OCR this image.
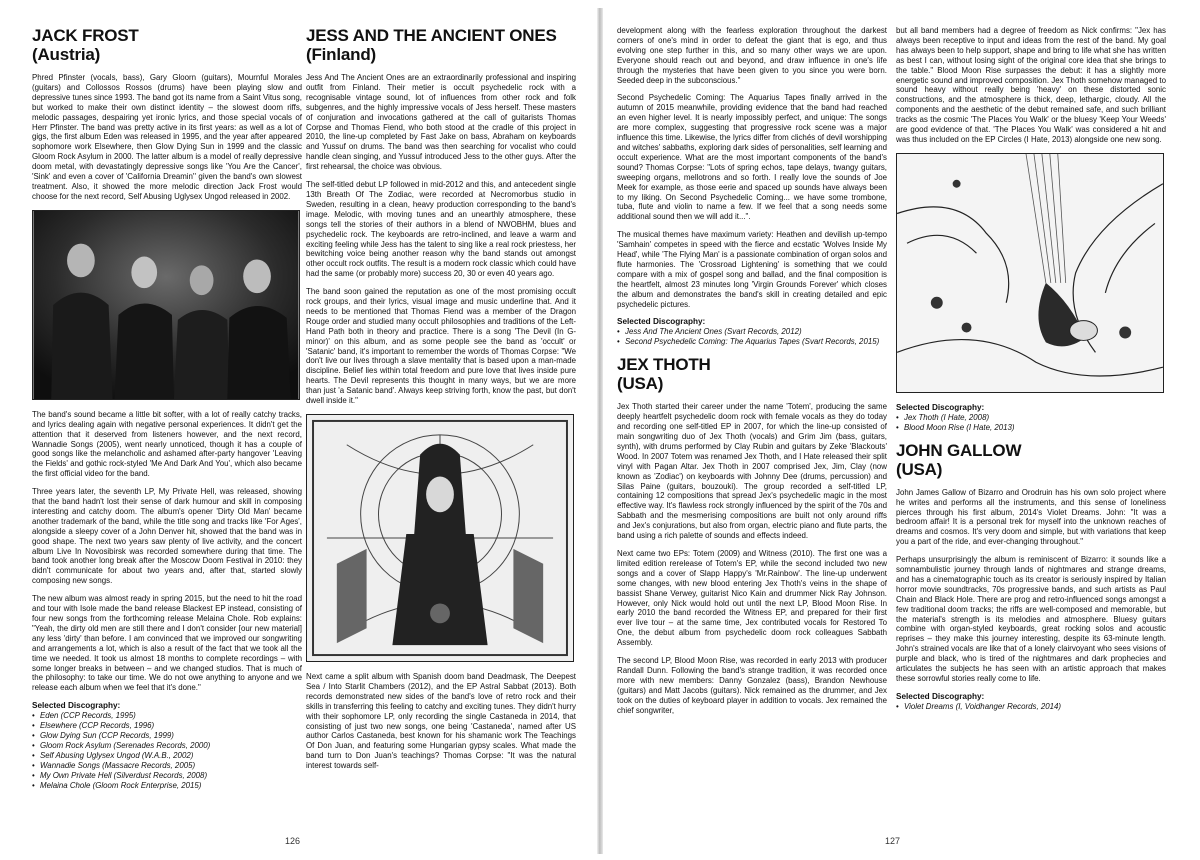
JACK FROST
(Austria)

Phred Pfinster (vocals, bass), Gary Gloorn (guitars), Mournful Morales (guitars) and Collossos Rossos (drums) have been playing slow and depressive tunes since 1993. The band got its name from a Saint Vitus song, but worked to make their own distinct identity – the slowest doom riffs, melodic passages, despairing yet ironic lyrics, and those special vocals of Herr Pfinster. The band was pretty active in its first years: as well as a lot of gigs, the first album Eden was released in 1995, and the year after appeared sophomore work Elsewhere, then Glow Dying Sun in 1999 and the classic Gloom Rock Asylum in 2000. The latter album is a model of really depressive doom metal, with devastatingly depressive songs like 'You Are the Cancer', 'Sink' and even a cover of 'California Dreamin'' given the band's own slowest treatment. Also, it showed the more melodic direction Jack Frost would choose for the next record, Self Abusing Uglysex Ungod released in 2002.

The band's sound became a little bit softer, with a lot of really catchy tracks, and lyrics dealing again with negative personal experiences. It didn't get the attention that it deserved from listeners however, and the next record, Wannadie Songs (2005), went nearly unnoticed, though it has a couple of good songs like the melancholic and ashamed after-party hangover 'Leaving the Fields' and gothic rock-styled 'Me And Dark And You', which also became the first official video for the band.

Three years later, the seventh LP, My Private Hell, was released, showing that the band hadn't lost their sense of dark humour and skill in composing interesting and catchy doom. The album's opener 'Dirty Old Man' became another trademark of the band, while the title song and tracks like 'For Ages', alongside a sleepy cover of a John Denver hit, showed that the band was in good shape. The next two years saw plenty of live activity, and the concert album Live In Novosibirsk was recorded somewhere during that time. The band took another long break after the Moscow Doom Festival in 2010: they didn't communicate for about two years and, after that, started slowly composing new songs.

The new album was almost ready in spring 2015, but the need to hit the road and tour with Isole made the band release Blackest EP instead, consisting of four new songs from the forthcoming release Melaina Chole. Rob explains: "Yeah, the dirty old men are still there and I don't consider [our new material] any less 'dirty' than before. I am convinced that we improved our songwriting and arrangements a lot, which is also a result of the fact that we took all the time we needed. It took us almost 18 months to complete recordings – with some longer breaks in between – and we changed studios. That is much of the philosophy: to take our time. We do not owe anything to anyone and we release each album when we feel that it's done."

Selected Discography:
• Eden (CCP Records, 1995)
• Elsewhere (CCP Records, 1996)
• Glow Dying Sun (CCP Records, 1999)
• Gloom Rock Asylum (Serenades Records, 2000)
• Self Abusing Uglysex Ungod (W.A.B., 2002)
• Wannadie Songs (Massacre Records, 2005)
• My Own Private Hell (Silverdust Records, 2008)
• Melaina Chole (Gloom Rock Enterprise, 2015)
JESS AND THE ANCIENT ONES
(Finland)

Jess And The Ancient Ones are an extraordinarily professional and inspiring outfit from Finland. Their metier is occult psychedelic rock with a recognisable vintage sound, lot of influences from other rock and folk subgenres, and the highly impressive vocals of Jess herself. These masters of conjuration and invocations gathered at the call of guitarists Thomas Corpse and Thomas Fiend, who both stood at the cradle of this project in 2010, the line-up completed by Fast Jake on bass, Abraham on keyboards and Yussuf on drums. The band was then searching for vocalist who could handle clean singing, and Yussuf introduced Jess to the other guys. After the first rehearsal, the choice was obvious.

The self-titled debut LP followed in mid-2012 and this, and antecedent single 13th Breath Of The Zodiac, were recorded at Necromorbus studio in Sweden, resulting in a clean, heavy production corresponding to the band's image. Melodic, with moving tunes and an unearthly atmosphere, these songs tell the stories of their authors in a blend of NWOBHM, blues and psychedelic rock. The keyboards are retro-inclined, and leave a warm and exciting feeling while Jess has the talent to sing like a real rock priestess, her bewitching voice being another reason why the band stands out amongst other occult rock outfits. The result is a modern rock classic which could have had the same (or probably more) success 20, 30 or even 40 years ago.

The band soon gained the reputation as one of the most promising occult rock groups, and their lyrics, visual image and music underline that. And it needs to be mentioned that Thomas Fiend was a member of the Dragon Rouge order and studied many occult philosophies and traditions of the Left-Hand Path both in theory and practice. There is a song 'The Devil (In G-minor)' on this album, and as some people see the band as 'occult' or 'Satanic' band, it's important to remember the words of Thomas Corpse: "We don't live our lives through a slave mentality that is based upon a man-made discipline. Belief lies within total freedom and pure love that lives inside pure hearts. The Devil represents this thought in many ways, but we are more than just 'a Satanic band'. Always keep striving forth, know the past, but don't dwell inside it."

Next came a split album with Spanish doom band Deadmask, The Deepest Sea / Into Starlit Chambers (2012), and the EP Astral Sabbat (2013). Both records demonstrated new sides of the band's love of retro rock and their skills in transferring this feeling to catchy and exciting tunes. They didn't hurry with their sophomore LP, only recording the single Castaneda in 2014, that consisting of just two new songs, one being 'Castaneda', named after US author Carlos Castaneda, best known for his shamanic work The Teachings Of Don Juan, and featuring some Hungarian gypsy scales. What made the band turn to Don Juan's teachings? Thomas Corpse: "It was the natural interest towards self-

126

development along with the fearless exploration throughout the darkest corners of one's mind in order to defeat the giant that is ego, and thus evolving one step further in this, and so many other ways we are upon. Everyone should reach out and beyond, and draw influence in one's life through the mysteries that have been given to you since you were born. Seeded deep in the subconscious."

Second Psychedelic Coming: The Aquarius Tapes finally arrived in the autumn of 2015 meanwhile, providing evidence that the band had reached an even higher level. It is nearly impossibly perfect, and unique: The songs are more complex, suggesting that progressive rock scene was a major influence this time. Likewise, the lyrics differ from clichés of devil worshipping and witches' sabbaths, exploring dark sides of personalities, self learning and occult experience. What are the most important components of the band's sound? Thomas Corpse: "Lots of spring echos, tape delays, twangy guitars, sweeping organs, mellotrons and so forth. I really love the sounds of Joe Meek for example, as those eerie and spaced up sounds have always been to my liking. On Second Psychedelic Coming... we have some trombone, tuba, flute and violin to name a few. If we feel that a song needs some additional sound then we will add it...".

The musical themes have maximum variety: Heathen and devilish up-tempo 'Samhain' competes in speed with the fierce and ecstatic 'Wolves Inside My Head', while 'The Flying Man' is a passionate combination of organ solos and flute harmonies. The 'Crossroad Lightening' is something that we could compare with a mix of gospel song and ballad, and the final composition is the heartfelt, almost 23 minutes long 'Virgin Grounds Forever' which closes the album and demonstrates the band's skill in creating detailed and epic psychedelic pictures.

Selected Discography:
• Jess And The Ancient Ones (Svart Records, 2012)
• Second Psychedelic Coming: The Aquarius Tapes (Svart Records, 2015)
JEX THOTH
(USA)

Jex Thoth started their career under the name 'Totem', producing the same deeply heartfelt psychedelic doom rock with female vocals as they do today and recording one self-titled EP in 2007, for which the line-up consisted of main songwriting duo of Jex Thoth (vocals) and Grim Jim (bass, guitars, synth), with drums performed by Clay Rubin and guitars by Zeke 'Blackouts' Wood. In 2007 Totem was renamed Jex Thoth, and I Hate released their split vinyl with Pagan Altar. Jex Thoth in 2007 comprised Jex, Jim, Clay (now known as 'Zodiac') on keyboards with Johnny Dee (drums, percussion) and Silas Paine (guitars, bouzouki). The group recorded a self-titled LP, containing 12 compositions that spread Jex's psychedelic magic in the most effective way. It's flawless rock strongly influenced by the spirit of the 70s and Sabbath and the mesmerising compositions are built not only around riffs and Jex's conjurations, but also from organ, electric piano and flute parts, the band using a rich palette of sounds and effects indeed.

Next came two EPs: Totem (2009) and Witness (2010). The first one was a limited edition rerelease of Totem's EP, while the second included two new songs and a cover of Slapp Happy's 'Mr.Rainbow'. The line-up underwent some changes, with new blood entering Jex Thoth's veins in the shape of bassist Shane Verwey, guitarist Nico Kain and drummer Nick Ray Johnson. However, only Nick would hold out until the next LP, Blood Moon Rise. In early 2010 the band recorded the Witness EP, and prepared for their first ever live tour – at the same time, Jex contributed vocals for Restored To One, the debut album from psychedelic doom rock colleagues Sabbath Assembly.

The second LP, Blood Moon Rise, was recorded in early 2013 with producer Randall Dunn. Following the band's strange tradition, it was recorded once more with new members: Danny Gonzalez (bass), Brandon Newhouse (guitars) and Matt Jacobs (guitars). Nick remained as the drummer, and Jex took on the duties of keyboard player in addition to vocals. Jex remained the chief songwriter,

but all band members had a degree of freedom as Nick confirms: "Jex has always been receptive to input and ideas from the rest of the band. My goal has always been to help support, shape and bring to life what she has written as best I can, without losing sight of the original core idea that she brings to the table." Blood Moon Rise surpasses the debut: it has a slightly more energetic sound and improved composition. Jex Thoth somehow managed to sound heavy without really being 'heavy' on these distorted sonic constructions, and the atmosphere is thick, deep, lethargic, cloudy. All the components and the aesthetic of the debut remained safe, and such brilliant tracks as the cosmic 'The Places You Walk' or the bluesy 'Keep Your Weeds' are good evidence of that. 'The Places You Walk' was considered a hit and was thus included on the EP Circles (I Hate, 2013) alongside one new song.

Selected Discography:
• Jex Thoth (I Hate, 2008)
• Blood Moon Rise (I Hate, 2013)
JOHN GALLOW
(USA)

John James Gallow of Bizarro and Orodruin has his own solo project where he writes and performs all the instruments, and this sense of loneliness pierces through his first album, 2014's Violet Dreams. John: "It was a bedroom affair! It is a personal trek for myself into the unknown reaches of dreams and cosmos. It's very doom and simple, but with variations that keep you a part of the ride, and ever-changing throughout."

Perhaps unsurprisingly the album is reminiscent of Bizarro: it sounds like a somnambulistic journey through lands of nightmares and strange dreams, and has a cinematographic touch as its creator is seriously inspired by Italian horror movie soundtracks, 70s progressive bands, and such artists as Paul Chain and Black Hole. There are prog and retro-influenced songs amongst a few traditional doom tracks; the riffs are well-composed and memorable, but the material's strength is its melodies and atmosphere. Bluesy guitars combine with organ-styled keyboards, great rocking solos and acoustic reprises – they make this journey interesting, despite its 63-minute length. John's strained vocals are like that of a lonely clairvoyant who sees visions of purple and black, who is tired of the nightmares and dark prophecies and articulates the subjects he has seen with an artistic approach that makes these sorrowful stories really come to life.

Selected Discography:
• Violet Dreams (I, Voidhanger Records, 2014)
127
